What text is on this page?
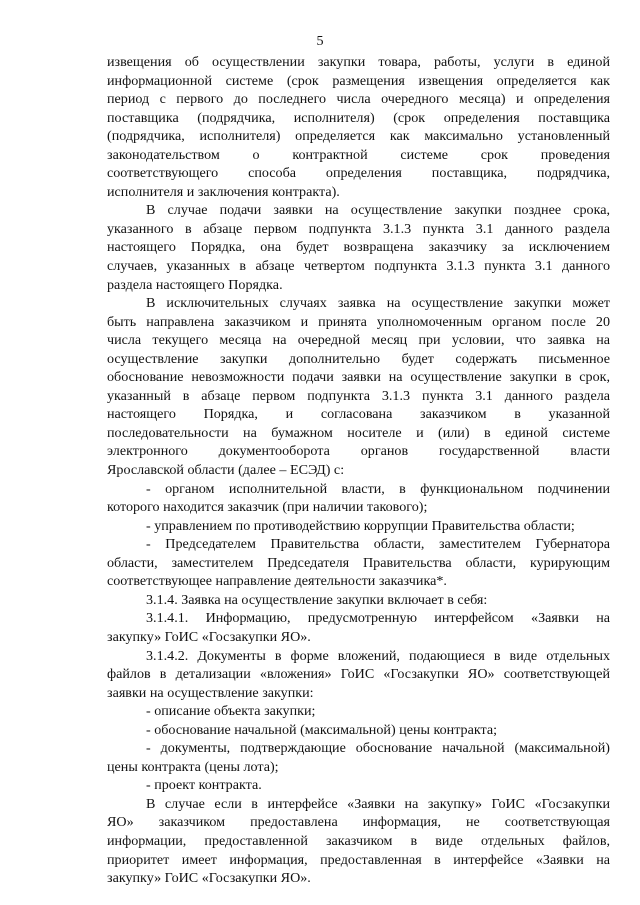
5
извещения об осуществлении закупки товара, работы, услуги в единой
информационной системе (срок размещения извещения определяется как
период с первого до последнего числа очередного месяца) и определения
поставщика (подрядчика, исполнителя) (срок определения поставщика
(подрядчика, исполнителя) определяется как максимально установленный
законодательством о контрактной системе срок проведения
соответствующего способа определения поставщика, подрядчика,
исполнителя и заключения контракта).
В случае подачи заявки на осуществление закупки позднее срока,
указанного в абзаце первом подпункта 3.1.3 пункта 3.1 данного раздела
настоящего Порядка, она будет возвращена заказчику за исключением
случаев, указанных в абзаце четвертом подпункта 3.1.3 пункта 3.1 данного
раздела настоящего Порядка.
В исключительных случаях заявка на осуществление закупки может
быть направлена заказчиком и принята уполномоченным органом после 20
числа текущего месяца на очередной месяц при условии, что заявка на
осуществление закупки дополнительно будет содержать письменное
обоснование невозможности подачи заявки на осуществление закупки в срок,
указанный в абзаце первом подпункта 3.1.3 пункта 3.1 данного раздела
настоящего Порядка, и согласована заказчиком в указанной
последовательности на бумажном носителе и (или) в единой системе
электронного документооборота органов государственной власти
Ярославской области (далее – ЕСЭД) с:
- органом исполнительной власти, в функциональном подчинении
которого находится заказчик (при наличии такового);
- управлением по противодействию коррупции Правительства области;
- Председателем Правительства области, заместителем Губернатора
области, заместителем Председателя Правительства области, курирующим
соответствующее направление деятельности заказчика*.
3.1.4. Заявка на осуществление закупки включает в себя:
3.1.4.1. Информацию, предусмотренную интерфейсом «Заявки на
закупку» ГоИС «Госзакупки ЯО».
3.1.4.2. Документы в форме вложений, подающиеся в виде отдельных
файлов в детализации «вложения» ГоИС «Госзакупки ЯО» соответствующей
заявки на осуществление закупки:
- описание объекта закупки;
- обоснование начальной (максимальной) цены контракта;
- документы, подтверждающие обоснование начальной (максимальной)
цены контракта (цены лота);
- проект контракта.
В случае если в интерфейсе «Заявки на закупку» ГоИС «Госзакупки
ЯО» заказчиком предоставлена информация, не соответствующая
информации, предоставленной заказчиком в виде отдельных файлов,
приоритет имеет информация, предоставленная в интерфейсе «Заявки на
закупку» ГоИС «Госзакупки ЯО».
